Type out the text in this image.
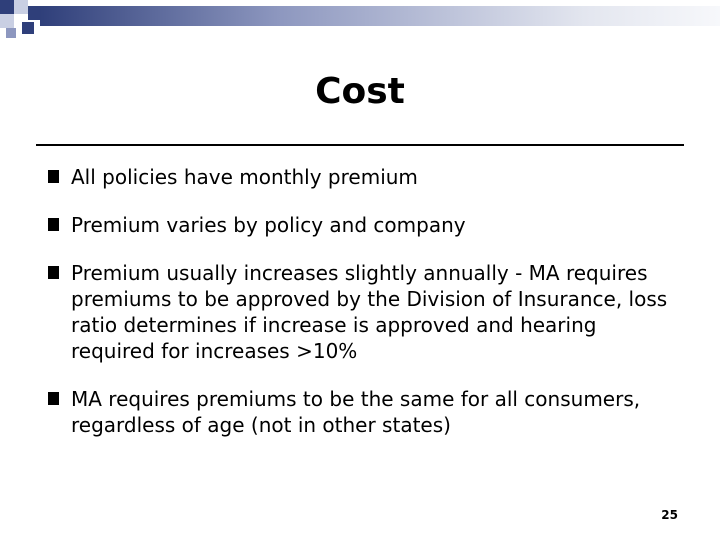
Cost
All policies have monthly premium
Premium varies by policy and company
Premium usually increases slightly annually - MA requires premiums to be approved by the Division of Insurance, loss ratio determines if increase is approved and hearing required for increases >10%
MA requires premiums to be the same for all consumers, regardless of age (not in other states)
25
